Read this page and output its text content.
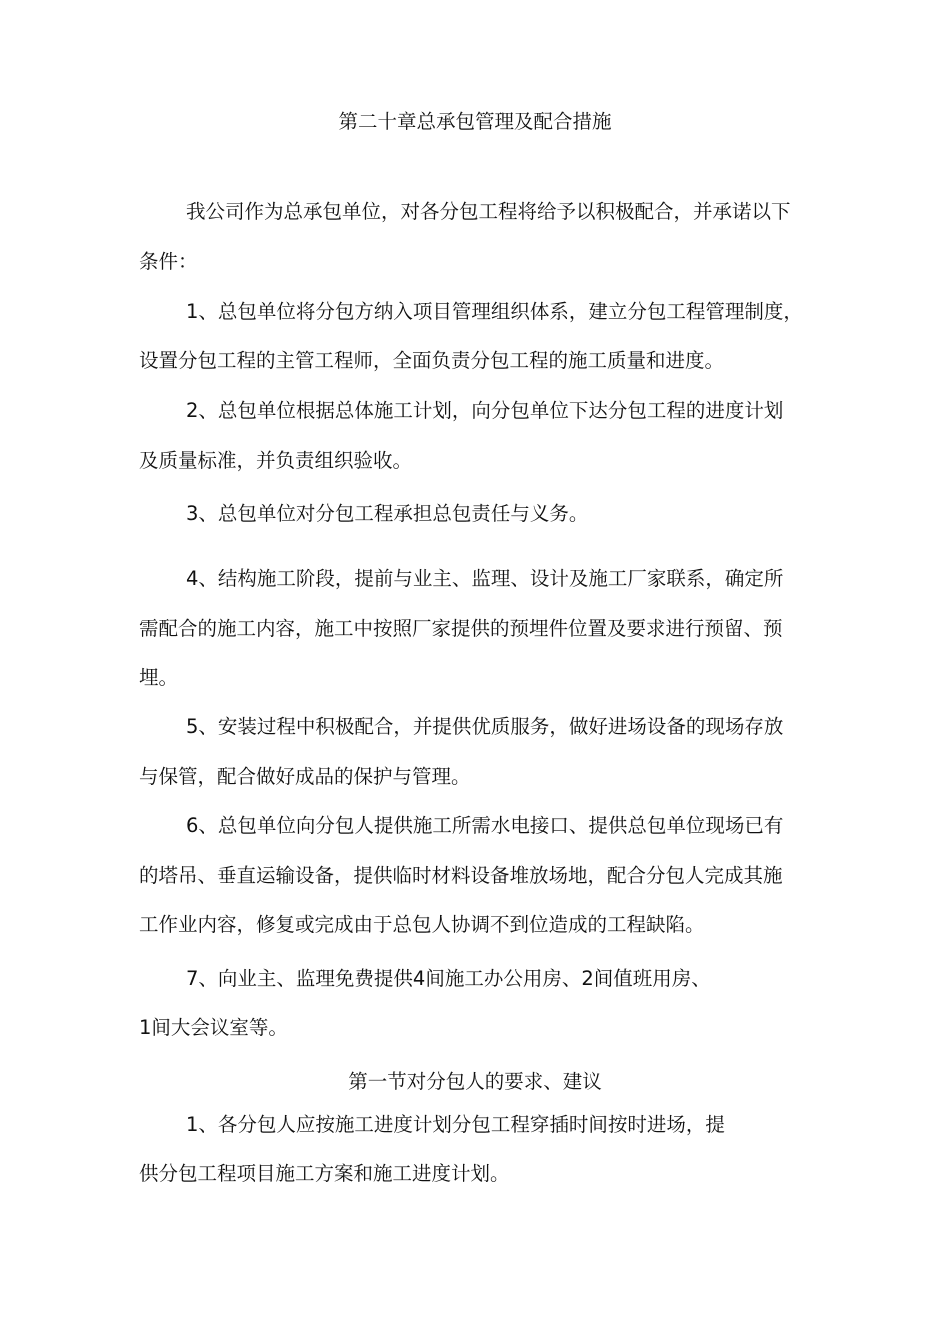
第二十章总承包管理及配合措施
我公司作为总承包单位，对各分包工程将给予以积极配合，并承诺以下
条件：
1、总包单位将分包方纳入项目管理组织体系，建立分包工程管理制度，
设置分包工程的主管工程师，全面负责分包工程的施工质量和进度。
2、总包单位根据总体施工计划，向分包单位下达分包工程的进度计划
及质量标准，并负责组织验收。
3、总包单位对分包工程承担总包责任与义务。
4、结构施工阶段，提前与业主、监理、设计及施工厂家联系，确定所
需配合的施工内容，施工中按照厂家提供的预埋件位置及要求进行预留、预
埋。
5、安装过程中积极配合，并提供优质服务，做好进场设备的现场存放
与保管，配合做好成品的保护与管理。
6、总包单位向分包人提供施工所需水电接口、提供总包单位现场已有
的塔吊、垂直运输设备，提供临时材料设备堆放场地，配合分包人完成其施
工作业内容，修复或完成由于总包人协调不到位造成的工程缺陷。
7、向业主、监理免费提供4间施工办公用房、2间值班用房、
1间大会议室等。
第一节对分包人的要求、建议
1、各分包人应按施工进度计划分包工程穿插时间按时进场，提
供分包工程项目施工方案和施工进度计划。
